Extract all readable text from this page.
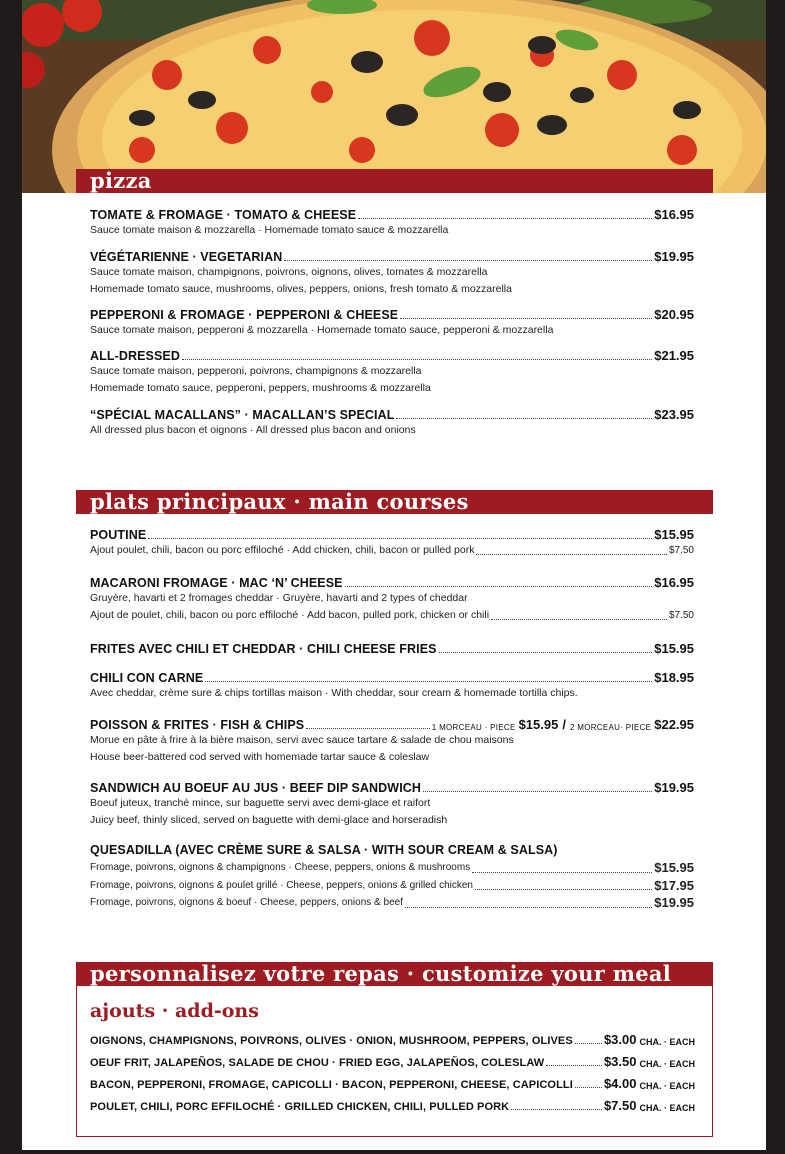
pizza
TOMATE & FROMAGE · TOMATO & CHEESE	$16.95
Sauce tomate maison & mozzarella · Homemade tomato sauce & mozzarella
VÉGÉTARIENNE · VEGETARIAN	$19.95
Sauce tomate maison, champignons, poivrons, oignons, olives, tomates & mozzarella
Homemade tomato sauce, mushrooms, olives, peppers, onions, fresh tomato & mozzarella
PEPPERONI & FROMAGE · PEPPERONI & CHEESE	$20.95
Sauce tomate maison, pepperoni & mozzarella · Homemade tomato sauce, pepperoni & mozzarella
ALL-DRESSED	$21.95
Sauce tomate maison, pepperoni, poivrons, champignons & mozzarella
Homemade tomato sauce, pepperoni, peppers, mushrooms & mozzarella
“SPÉCIAL MACALLANS” · MACALLAN’S SPECIAL	$23.95
All dressed plus bacon et oignons · All dressed plus bacon and onions
plats principaux · main courses
POUTINE	$15.95
Ajout poulet, chili, bacon ou porc effiloché · Add chicken, chili, bacon or pulled pork	$7.50
MACARONI FROMAGE · MAC ‘N’ CHEESE	$16.95
Gruyère, havarti et 2 fromages cheddar · Gruyère, havarti and 2 types of cheddar
Ajout de poulet, chili, bacon ou porc effiloché · Add bacon, pulled pork, chicken or chili	$7.50
FRITES AVEC CHILI ET CHEDDAR · CHILI CHEESE FRIES	$15.95
CHILI CON CARNE	$18.95
Avec cheddar, crème sure & chips tortillas maison · With cheddar, sour cream & homemade tortilla chips.
POISSON & FRITES · FISH & CHIPS	1 MORCEAU · PIECE $15.95 / 2 MORCEAU· PIECE $22.95
Morue en pâte à frire à la bière maison, servi avec sauce tartare & salade de chou maisons
House beer-battered cod served with homemade tartar sauce & coleslaw
SANDWICH AU BOEUF AU JUS · BEEF DIP SANDWICH	$19.95
Boeuf juteux, tranché mince, sur baguette servi avec demi-glace et raifort
Juicy beef, thinly sliced, served on baguette with demi-glace and horseradish
QUESADILLA (AVEC CRÈME SURE & SALSA · WITH SOUR CREAM & SALSA)
Fromage, poivrons, oignons & champignons · Cheese, peppers, onions & mushrooms	$15.95
Fromage, poivrons, oignons & poulet grillé · Cheese, peppers, onions & grilled chicken	$17.95
Fromage, poivrons, oignons & boeuf · Cheese, peppers, onions & beef	$19.95
personnalisez votre repas · customize your meal
ajouts · add-ons
OIGNONS, CHAMPIGNONS, POIVRONS, OLIVES · ONION, MUSHROOM, PEPPERS, OLIVES $3.00 CHA. · EACH
OEUF FRIT, JALAPEÑOS, SALADE DE CHOU · FRIED EGG, JALAPEÑOS, COLESLAW	$3.50 CHA. · EACH
BACON, PEPPERONI, FROMAGE, CAPICOLLI · BACON, PEPPERONI, CHEESE, CAPICOLLI $4.00 CHA. · EACH
POULET, CHILI, PORC EFFILOCHÉ · GRILLED CHICKEN, CHILI, PULLED PORK	$7.50 CHA. · EACH
